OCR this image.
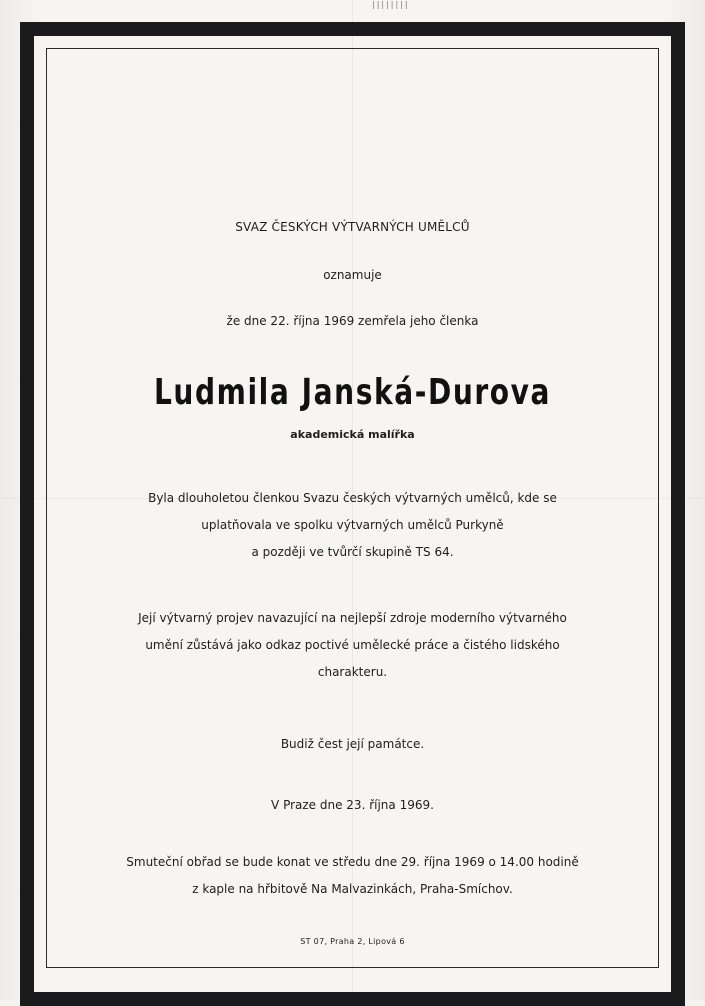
||||||||
SVAZ ČESKÝCH VÝTVARNÝCH UMĚLCŮ
oznamuje
že dne 22. října 1969 zemřela jeho členka
Ludmila Janská-Durova
akademická malířka
Byla dlouholetou členkou Svazu českých výtvarných umělců, kde se
uplatňovala ve spolku výtvarných umělců Purkyně
a později ve tvůrčí skupině TS 64.
Její výtvarný projev navazující na nejlepší zdroje moderního výtvarného
umění zůstává jako odkaz poctivé umělecké práce a čistého lidského
charakteru.
Budiž čest její památce.
V Praze dne 23. října 1969.
Smuteční obřad se bude konat ve středu dne 29. října 1969 o 14.00 hodině
z kaple na hřbitově Na Malvazinkách, Praha-Smíchov.
ST 07, Praha 2, Lipová 6
